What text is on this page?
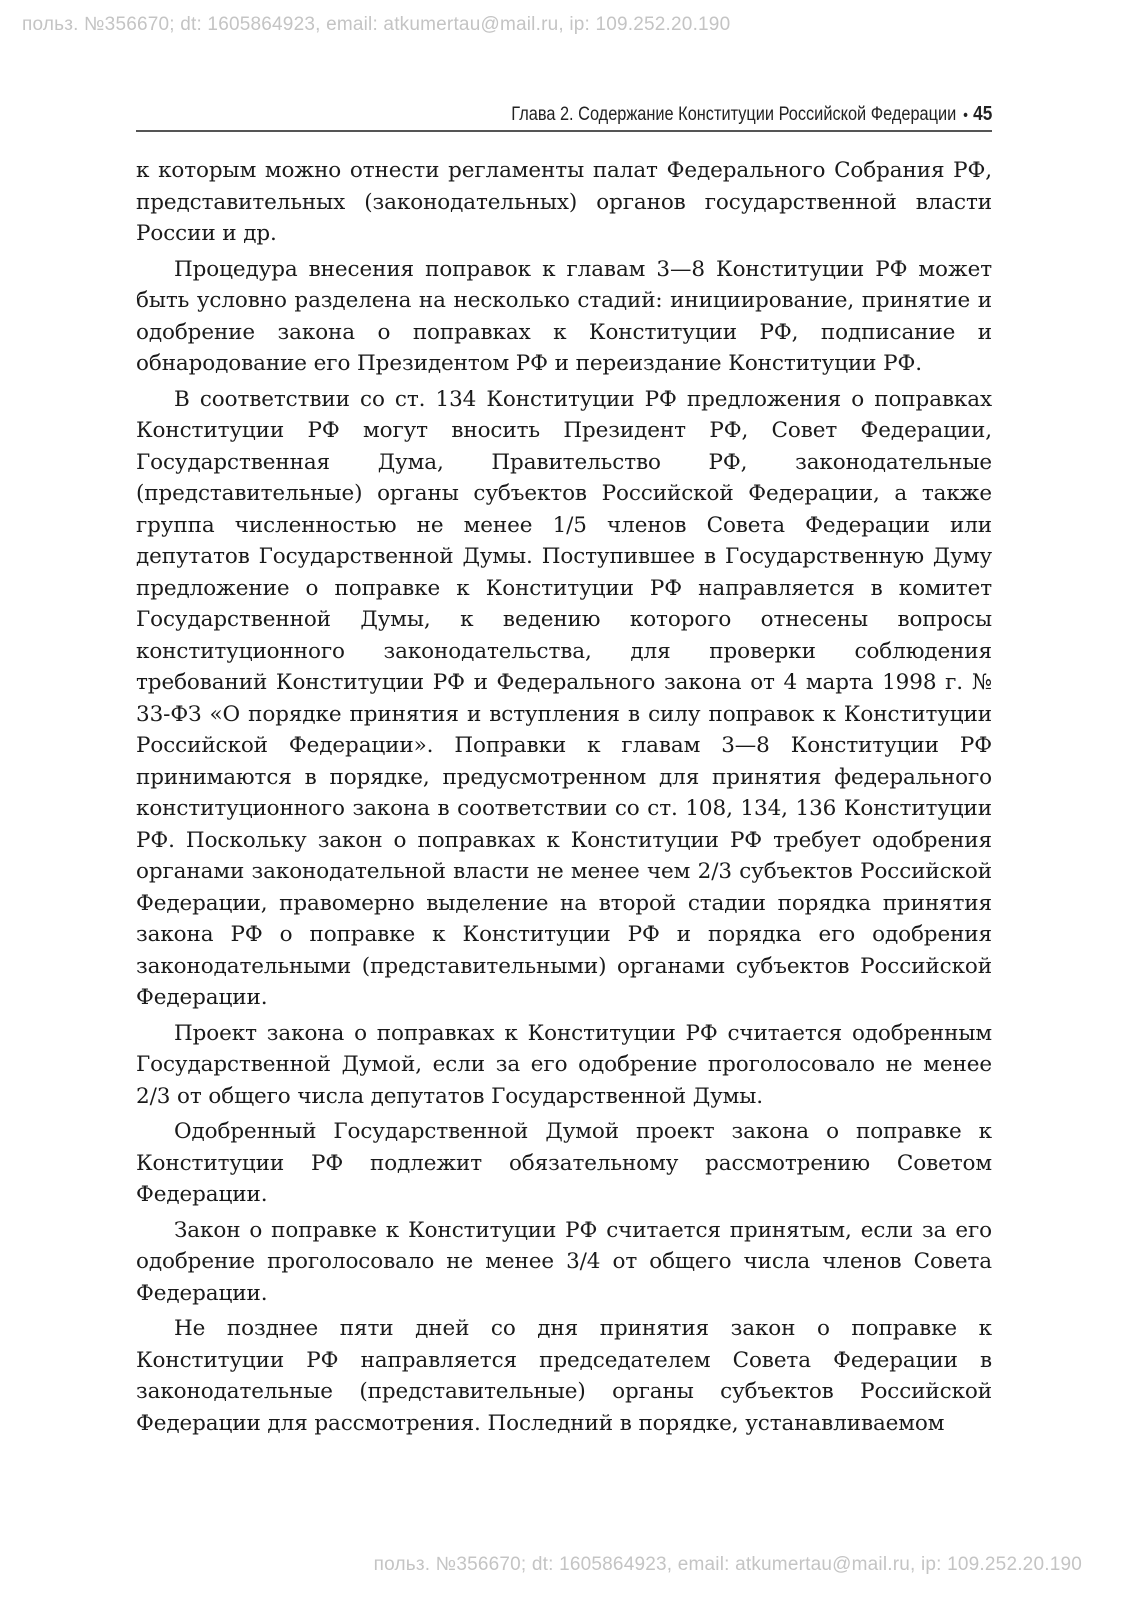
польз. №356670; dt: 1605864923, email: atkumertau@mail.ru, ip: 109.252.20.190
Глава 2. Содержание Конституции Российской Федерации • 45

к которым можно отнести регламенты палат Федерального Собрания РФ, представительных (законодательных) органов государственной власти России и др.

Процедура внесения поправок к главам 3—8 Конституции РФ может быть условно разделена на несколько стадий: инициирование, принятие и одобрение закона о поправках к Конституции РФ, подписание и обнародование его Президентом РФ и переиздание Конституции РФ.

В соответствии со ст. 134 Конституции РФ предложения о поправках Конституции РФ могут вносить Президент РФ, Совет Федерации, Государственная Дума, Правительство РФ, законодательные (представительные) органы субъектов Российской Федерации, а также группа численностью не менее 1/5 членов Совета Федерации или депутатов Государственной Думы. Поступившее в Государственную Думу предложение о поправке к Конституции РФ направляется в комитет Государственной Думы, к ведению которого отнесены вопросы конституционного законодательства, для проверки соблюдения требований Конституции РФ и Федерального закона от 4 марта 1998 г. № 33-ФЗ «О порядке принятия и вступления в силу поправок к Конституции Российской Федерации». Поправки к главам 3—8 Конституции РФ принимаются в порядке, предусмотренном для принятия федерального конституционного закона в соответствии со ст. 108, 134, 136 Конституции РФ. Поскольку закон о поправках к Конституции РФ требует одобрения органами законодательной власти не менее чем 2/3 субъектов Российской Федерации, правомерно выделение на второй стадии порядка принятия закона РФ о поправке к Конституции РФ и порядка его одобрения законодательными (представительными) органами субъектов Российской Федерации.

Проект закона о поправках к Конституции РФ считается одобренным Государственной Думой, если за его одобрение проголосовало не менее 2/3 от общего числа депутатов Государственной Думы.

Одобренный Государственной Думой проект закона о поправке к Конституции РФ подлежит обязательному рассмотрению Советом Федерации.

Закон о поправке к Конституции РФ считается принятым, если за его одобрение проголосовало не менее 3/4 от общего числа членов Совета Федерации.

Не позднее пяти дней со дня принятия закон о поправке к Конституции РФ направляется председателем Совета Федерации в законодательные (представительные) органы субъектов Российской Федерации для рассмотрения. Последний в порядке, устанавливаемом

польз. №356670; dt: 1605864923, email: atkumertau@mail.ru, ip: 109.252.20.190
